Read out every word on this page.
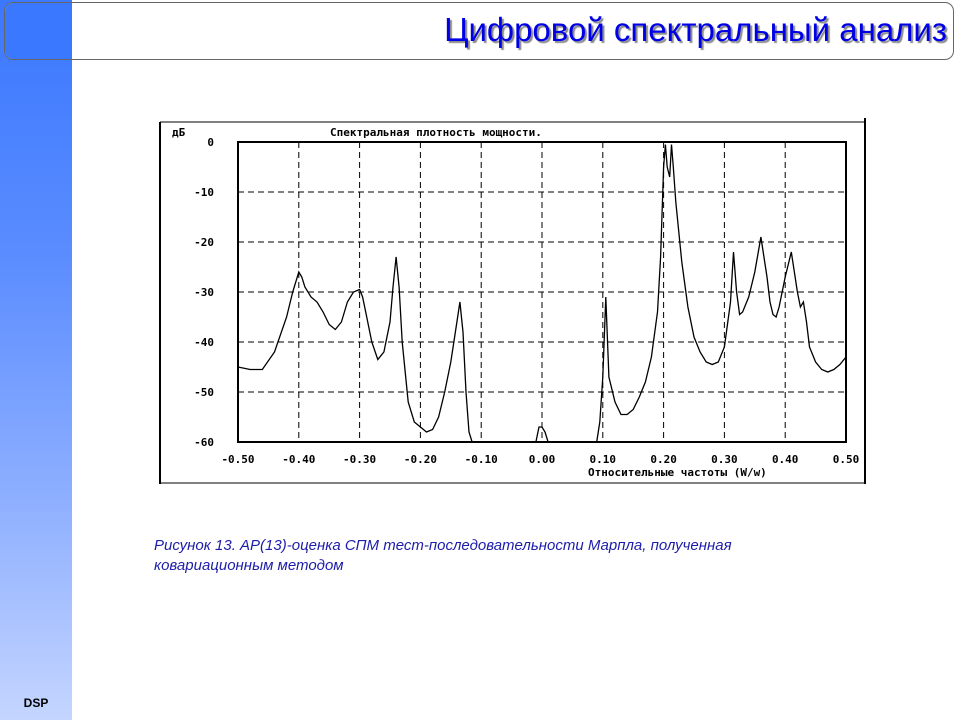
DSP
Цифровой спектральный анализ
дБ	Спектральная плотность мощности.
0
-10
-20
-30
-40
-50
-60
-0.50	-0.40	-0.30	-0.20	-0.10	0.00	0.10	0.20	0.30	0.40	0.50
Относительные частоты (W/w)
Рисунок 13. АР(13)-оценка СПМ тест-последовательности Марпла, полученная
ковариационным методом
